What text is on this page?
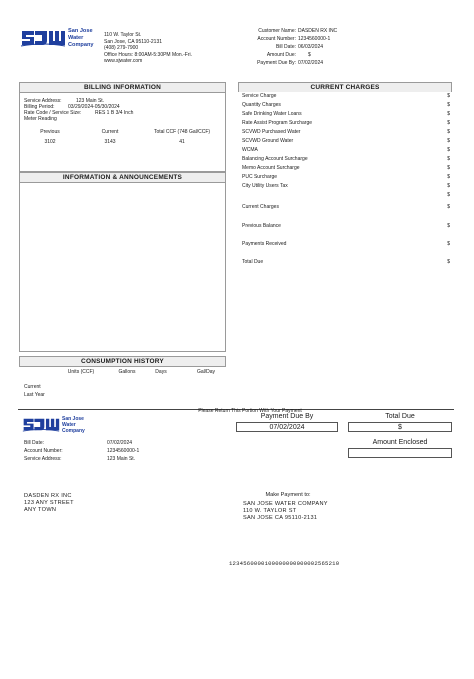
San Jose
Water
Company
110 W. Taylor St.
San Jose, CA 95110-2131
(408) 279-7900
Office Hours: 8:00AM-5:30PM Mon.-Fri.
www.sjwater.com
Customer Name: DASDEN RX INC
Account Number: 1234560000-1
Bill Date: 06/03/2024
Amount Due: $
Payment Due By: 07/02/2024
BILLING INFORMATION
Service Address:	123 Main St.
Billing Period:	03/29/2024-05/30/2024
Rate Code / Service Size:	RES 1 B 3/4 Inch
Meter Reading
Previous	Current	Total CCF (748 Gal/CCF)
3102	3143	41
INFORMATION & ANNOUNCEMENTS
CURRENT CHARGES
Service Charge	$
Quantity Charges	$
Safe Drinking Water Loans	$
Rate Assist Program Surcharge	$
SCVWD Purchased Water	$
SCVWD Ground Water	$
WCMA	$
Balancing Account Surcharge	$
Memo Account Surcharge	$
PUC Surcharge	$
City Utility Users Tax	$
$
Current Charges	$
Previous Balance	$
Payments Received	$
Total Due	$
CONSUMPTION HISTORY
Units (CCF)	Gallons	Days	Gal/Day
Current
Last Year
Please Return This Portion With Your Payment
San Jose
Water
Company
Payment Due By
07/02/2024
Total Due
$
Amount Enclosed
Bill Date:	07/02/2024
Account Number:	1234560000-1
Service Address:	123 Main St.
DASDEN RX INC
123 ANY STREET
ANY TOWN
Make Payment to:
SAN JOSE WATER COMPANY
110 W. TAYLOR ST
SAN JOSE CA 95110-2131
1234560000100000000000002565210
